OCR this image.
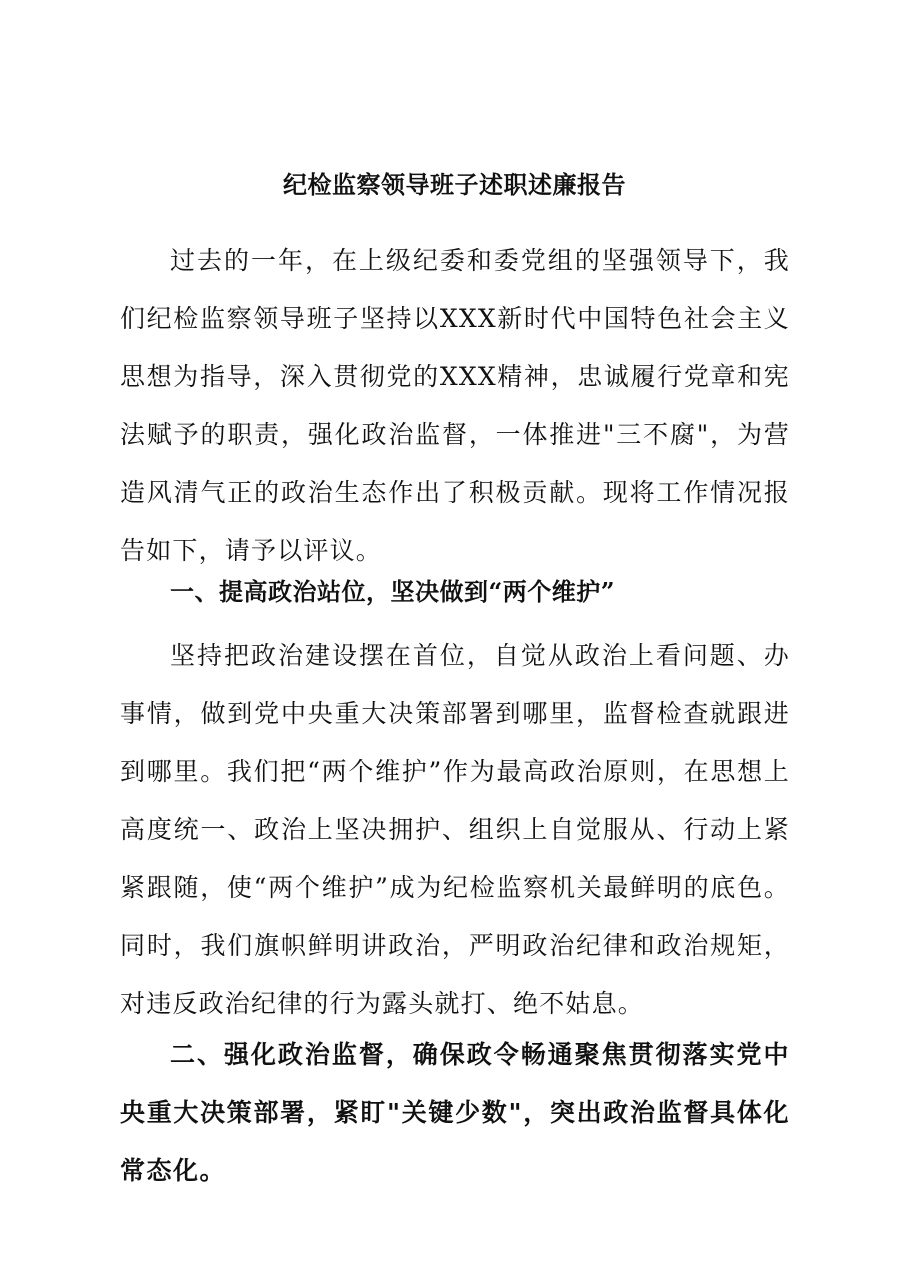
纪检监察领导班子述职述廉报告

过去的一年，在上级纪委和委党组的坚强领导下，我们纪检监察领导班子坚持以XXX新时代中国特色社会主义思想为指导，深入贯彻党的XXX精神，忠诚履行党章和宪法赋予的职责，强化政治监督，一体推进"三不腐"，为营造风清气正的政治生态作出了积极贡献。现将工作情况报告如下，请予以评议。

一、提高政治站位，坚决做到“两个维护”

坚持把政治建设摆在首位，自觉从政治上看问题、办事情，做到党中央重大决策部署到哪里，监督检查就跟进到哪里。我们把“两个维护”作为最高政治原则，在思想上高度统一、政治上坚决拥护、组织上自觉服从、行动上紧紧跟随，使“两个维护”成为纪检监察机关最鲜明的底色。同时，我们旗帜鲜明讲政治，严明政治纪律和政治规矩，对违反政治纪律的行为露头就打、绝不姑息。

二、强化政治监督，确保政令畅通聚焦贯彻落实党中央重大决策部署，紧盯"关键少数"，突出政治监督具体化常态化。
